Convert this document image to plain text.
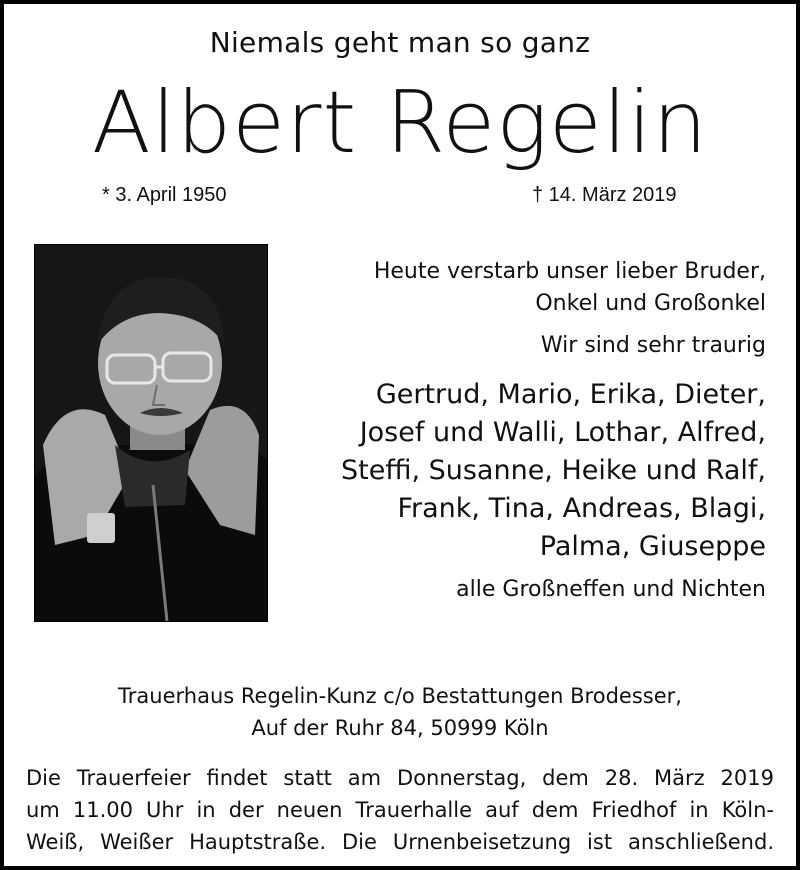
Niemals geht man so ganz
Albert Regelin
* 3. April 1950	† 14. März 2019
Heute verstarb unser lieber Bruder,
Onkel und Großonkel
Wir sind sehr traurig
Gertrud, Mario, Erika, Dieter,
Josef und Walli, Lothar, Alfred,
Steffi, Susanne, Heike und Ralf,
Frank, Tina, Andreas, Blagi,
Palma, Giuseppe
alle Großneffen und Nichten
Trauerhaus Regelin-Kunz c/o Bestattungen Brodesser,
Auf der Ruhr 84, 50999 Köln
Die Trauerfeier findet statt am Donnerstag, dem 28. März 2019
um 11.00 Uhr in der neuen Trauerhalle auf dem Friedhof in Köln-
Weiß, Weißer Hauptstraße. Die Urnenbeisetzung ist anschließend.
